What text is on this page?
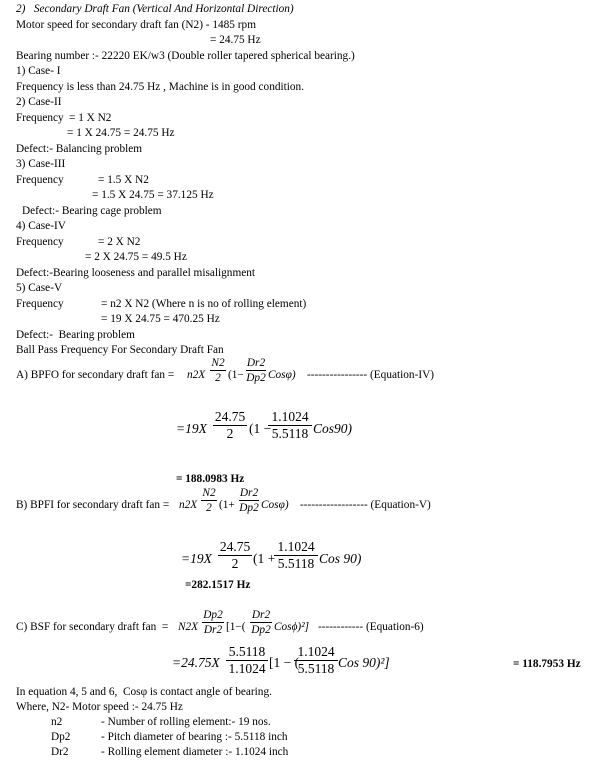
2)   Secondary Draft Fan (Vertical And Horizontal Direction)
Motor speed for secondary draft fan (N2) - 1485 rpm
= 24.75 Hz
Bearing number :- 22220 EK/w3 (Double roller tapered spherical bearing.)
1) Case- I
Frequency is less than 24.75 Hz , Machine is in good condition.
2) Case-II
Frequency = 1 X N2
= 1 X 24.75 = 24.75 Hz
Defect:- Balancing problem
3) Case-III
Frequency	= 1.5 X N2
= 1.5 X 24.75 = 37.125 Hz
Defect:- Bearing cage problem
4) Case-IV
Frequency	= 2 X N2
= 2 X 24.75 = 49.5 Hz
Defect:-Bearing looseness and parallel misalignment
5) Case-V
Frequency	= n2 X N2 (Where n is no of rolling element)
= 19 X 24.75 = 470.25 Hz
Defect:-  Bearing problem
Ball Pass Frequency For Secondary Draft Fan
A) BPFO for secondary draft fan = n2X
N2
2 (1−
Dr2
Dp2 Cosφ) ---------------- (Equation-IV)
=19X
24.75
2	(1 −
1.1024
5.5118 Cos90)
= 188.0983 Hz
B) BPFI for secondary draft fan = n2X
N2
2 (1+
Dr2
Dp2 Cosφ) ------------------ (Equation-V)
=19X
24.75
2	(1 +
1.1024
5.5118 Cos 90)
=282.1517 Hz
C) BSF for secondary draft fan  = N2X
Dp2
Dr2 [1−(
Dr2
Dp2 Cosϕ)²] ------------ (Equation-6)
=24.75X
5.5118
1.1024 [1 − (
1.1024
5.5118 Cos 90)²]	= 118.7953 Hz
In equation 4, 5 and 6,  Cosφ is contact angle of bearing.
Where, N2- Motor speed :- 24.75 Hz
n2	- Number of rolling element:- 19 nos.
Dp2	- Pitch diameter of bearing :- 5.5118 inch
Dr2	- Rolling element diameter :- 1.1024 inch
